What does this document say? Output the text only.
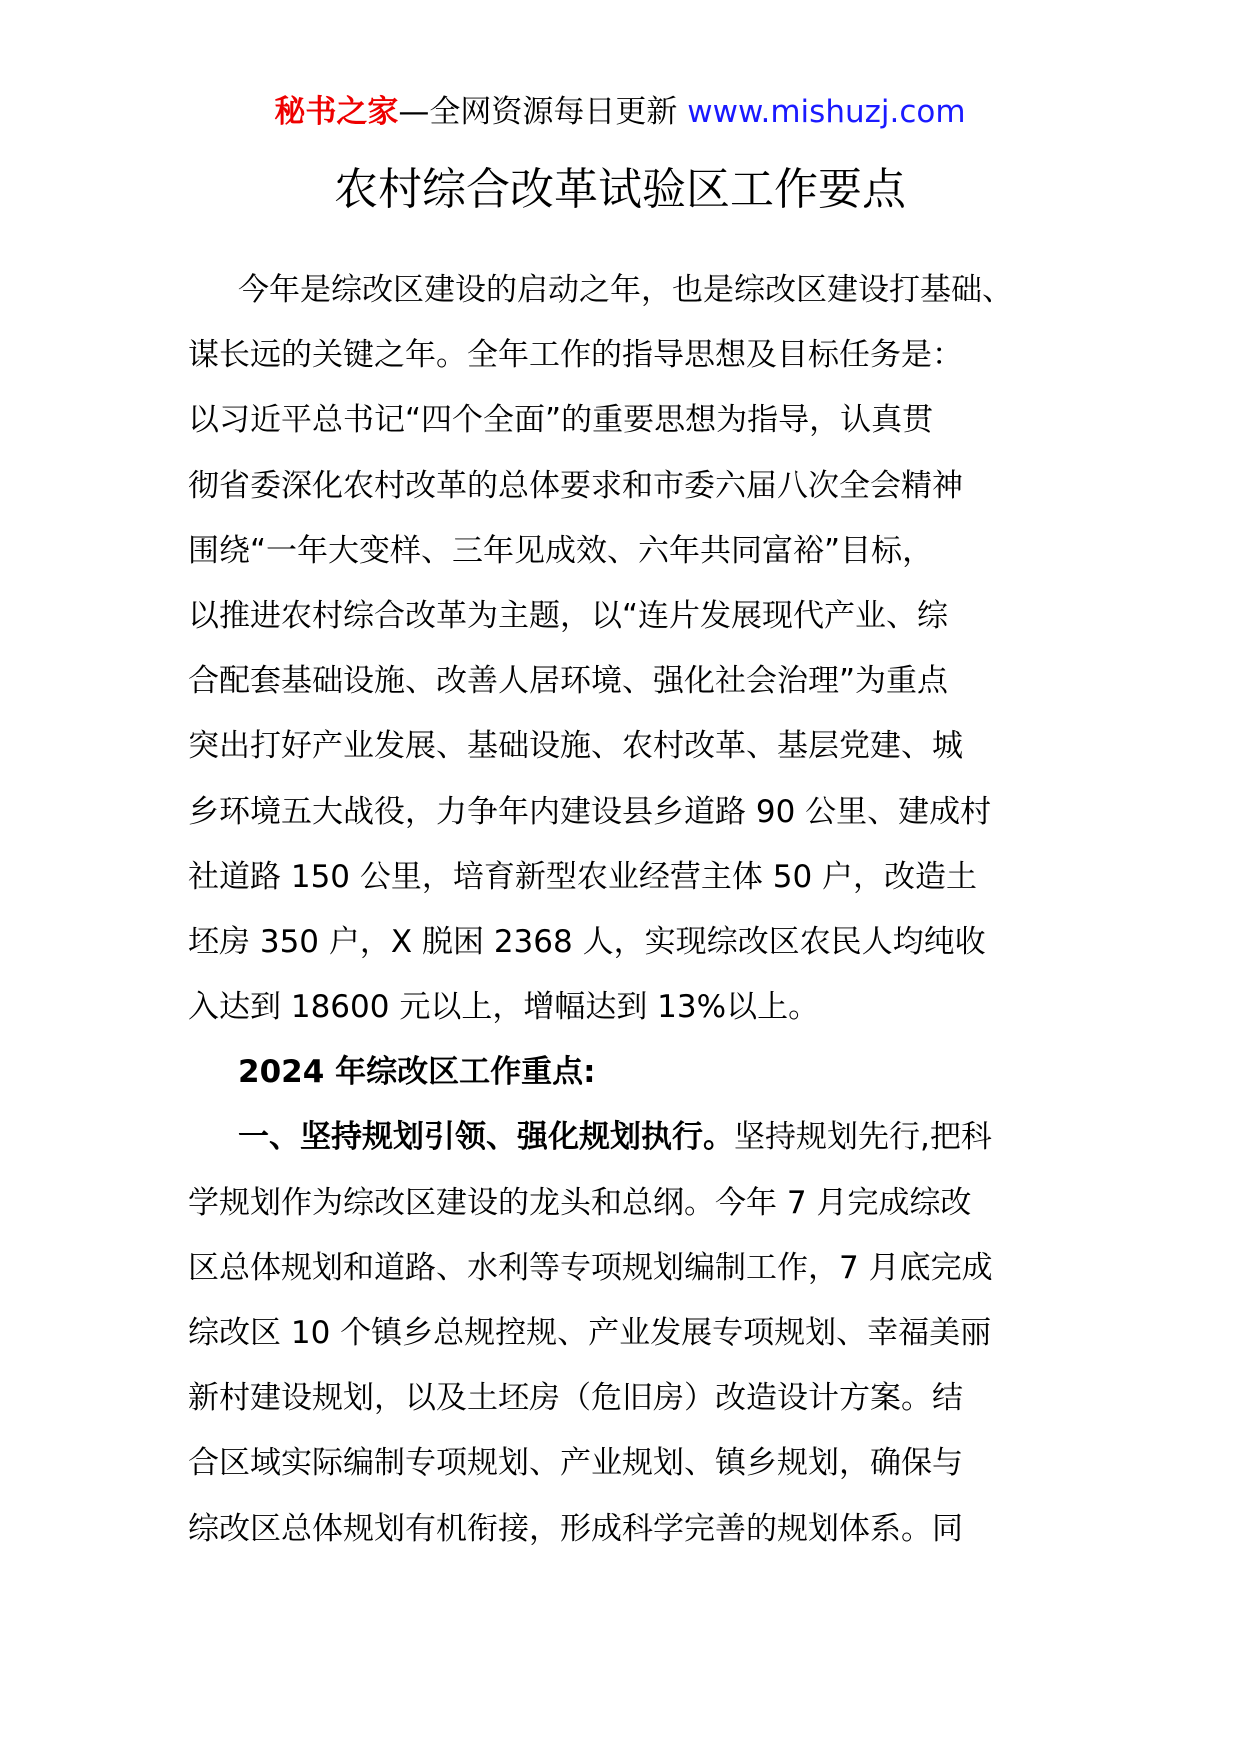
秘书之家—全网资源每日更新 www.mishuzj.com
农村综合改革试验区工作要点
今年是综改区建设的启动之年，也是综改区建设打基础、
谋长远的关键之年。全年工作的指导思想及目标任务是：
以习近平总书记“四个全面”的重要思想为指导，认真贯
彻省委深化农村改革的总体要求和市委六届八次全会精神
围绕“一年大变样、三年见成效、六年共同富裕”目标，
以推进农村综合改革为主题，以“连片发展现代产业、综
合配套基础设施、改善人居环境、强化社会治理”为重点
突出打好产业发展、基础设施、农村改革、基层党建、城
乡环境五大战役，力争年内建设县乡道路 90 公里、建成村
社道路 150 公里，培育新型农业经营主体 50 户，改造土
坯房 350 户，X 脱困 2368 人，实现综改区农民人均纯收
入达到 18600 元以上，增幅达到 13%以上。
2024 年综改区工作重点:
一、坚持规划引领、强化规划执行。坚持规划先行,把科
学规划作为综改区建设的龙头和总纲。今年 7 月完成综改
区总体规划和道路、水利等专项规划编制工作，7 月底完成
综改区 10 个镇乡总规控规、产业发展专项规划、幸福美丽
新村建设规划，以及土坯房（危旧房）改造设计方案。结
合区域实际编制专项规划、产业规划、镇乡规划，确保与
综改区总体规划有机衔接，形成科学完善的规划体系。同
